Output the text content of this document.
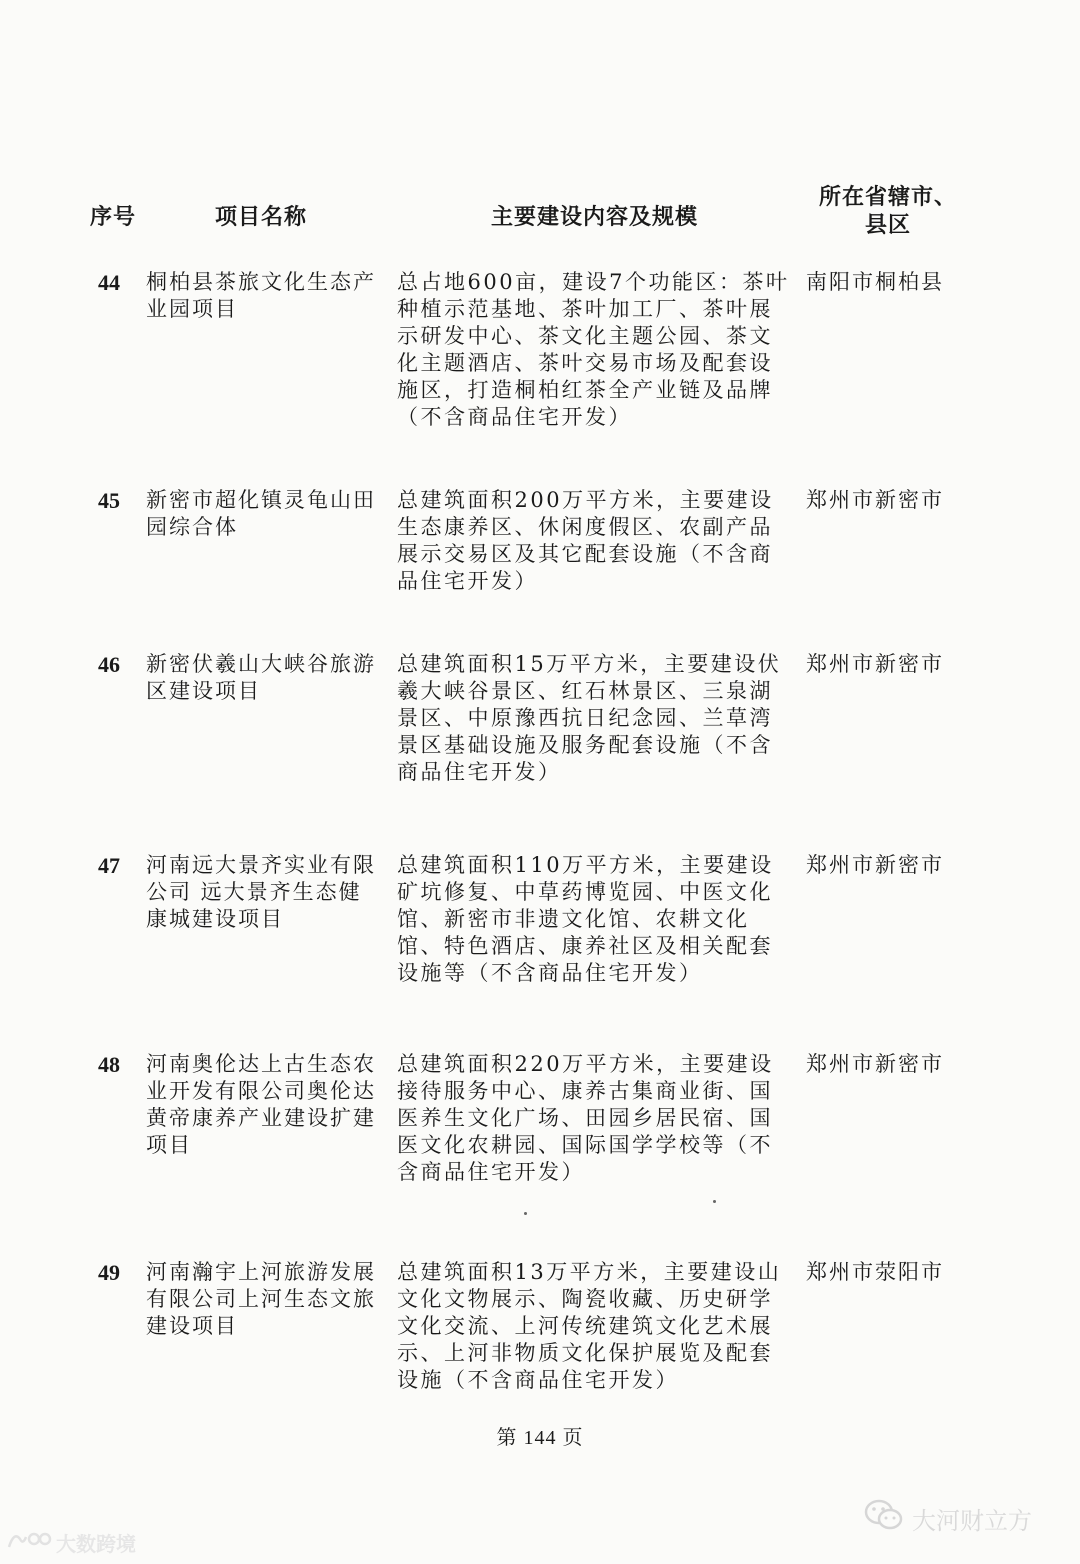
序号	项目名称	主要建设内容及规模
所在省辖市、
县区
44 桐柏县茶旅文化生态产业园项目
总占地600亩，建设7个功能区：茶叶种植示范基地、茶叶加工厂、茶叶展示研发中心、茶文化主题公园、茶文化主题酒店、茶叶交易市场及配套设施区，打造桐柏红茶全产业链及品牌（不含商品住宅开发）
南阳市桐柏县
45 新密市超化镇灵龟山田园综合体
总建筑面积200万平方米，主要建设生态康养区、休闲度假区、农副产品展示交易区及其它配套设施（不含商品住宅开发）
郑州市新密市
46 新密伏羲山大峡谷旅游区建设项目
总建筑面积15万平方米，主要建设伏羲大峡谷景区、红石林景区、三泉湖景区、中原豫西抗日纪念园、兰草湾景区基础设施及服务配套设施（不含商品住宅开发）
郑州市新密市
47 河南远大景齐实业有限公司 远大景齐生态健康城建设项目
总建筑面积110万平方米，主要建设矿坑修复、中草药博览园、中医文化馆、新密市非遗文化馆、农耕文化馆、特色酒店、康养社区及相关配套设施等（不含商品住宅开发）
郑州市新密市
48 河南奥伦达上古生态农业开发有限公司奥伦达黄帝康养产业建设扩建项目
总建筑面积220万平方米，主要建设接待服务中心、康养古集商业街、国医养生文化广场、田园乡居民宿、国医文化农耕园、国际国学学校等（不含商品住宅开发）
郑州市新密市
49 河南瀚宇上河旅游发展有限公司上河生态文旅建设项目
总建筑面积13万平方米，主要建设山文化文物展示、陶瓷收藏、历史研学文化交流、上河传统建筑文化艺术展示、上河非物质文化保护展览及配套设施（不含商品住宅开发）
郑州市荥阳市
第 144 页
大河财立方
大数跨境
